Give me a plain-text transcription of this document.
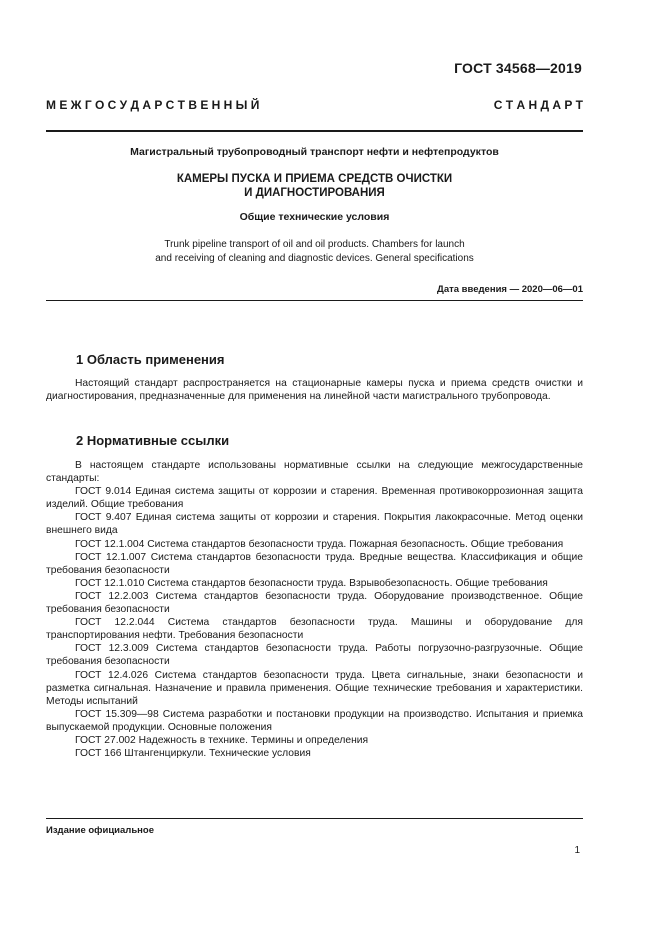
ГОСТ 34568—2019
М Е Ж Г О С У Д А Р С Т В Е Н Н Ы Й	С Т А Н Д А Р Т
Магистральный трубопроводный транспорт нефти и нефтепродуктов
КАМЕРЫ ПУСКА И ПРИЕМА СРЕДСТВ ОЧИСТКИ
И ДИАГНОСТИРОВАНИЯ
Общие технические условия
Trunk pipeline transport of oil and oil products. Chambers for launch
and receiving of cleaning and diagnostic devices. General specifications
Дата введения — 2020—06—01
1 Область применения

Настоящий стандарт распространяется на стационарные камеры пуска и приема средств очистки и диагностирования, предназначенные для применения на линейной части магистрального трубопровода.

2 Нормативные ссылки

В настоящем стандарте использованы нормативные ссылки на следующие межгосударственные стандарты:

ГОСТ 9.014 Единая система защиты от коррозии и старения. Временная противокоррозионная защита изделий. Общие требования

ГОСТ 9.407 Единая система защиты от коррозии и старения. Покрытия лакокрасочные. Метод оценки внешнего вида

ГОСТ 12.1.004 Система стандартов безопасности труда. Пожарная безопасность. Общие требования

ГОСТ 12.1.007 Система стандартов безопасности труда. Вредные вещества. Классификация и общие требования безопасности

ГОСТ 12.1.010 Система стандартов безопасности труда. Взрывобезопасность. Общие требования

ГОСТ 12.2.003 Система стандартов безопасности труда. Оборудование производственное. Общие требования безопасности

ГОСТ 12.2.044 Система стандартов безопасности труда. Машины и оборудование для транспортирования нефти. Требования безопасности

ГОСТ 12.3.009 Система стандартов безопасности труда. Работы погрузочно-разгрузочные. Общие требования безопасности

ГОСТ 12.4.026 Система стандартов безопасности труда. Цвета сигнальные, знаки безопасности и разметка сигнальная. Назначение и правила применения. Общие технические требования и характеристики. Методы испытаний

ГОСТ 15.309—98 Система разработки и постановки продукции на производство. Испытания и приемка выпускаемой продукции. Основные положения

ГОСТ 27.002 Надежность в технике. Термины и определения

ГОСТ 166 Штангенциркули. Технические условия

Издание официальное
1
